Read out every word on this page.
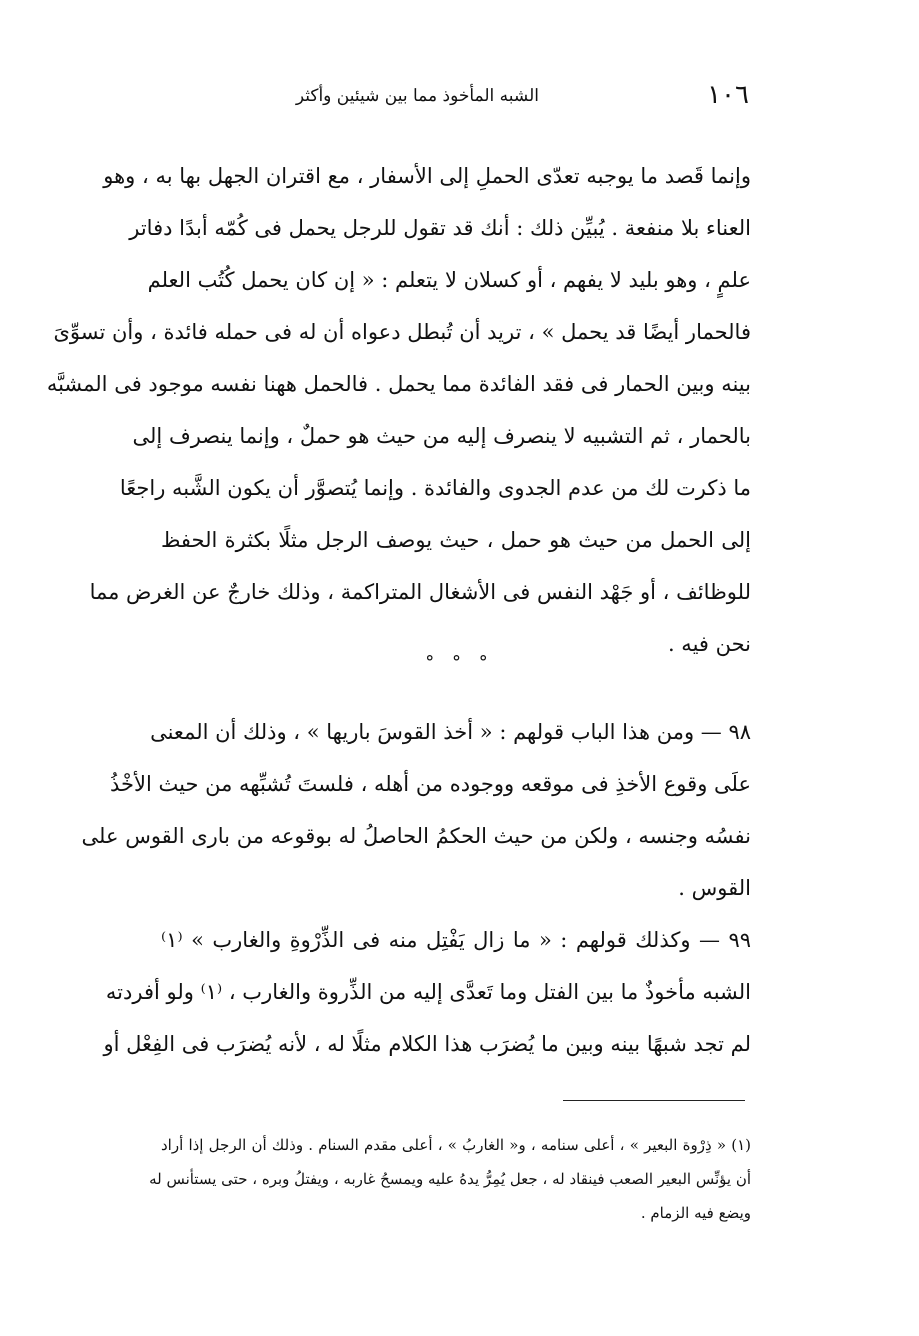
١٠٦
الشبه المأخوذ مما بين شيئين وأكثر
وإنما قَصد ما يوجبه تعدّى الحملِ إلى الأسفار ، مع اقتران الجهل بها به ، وهو
العناء بلا منفعة . يُبيِّن ذلك : أنك قد تقول للرجل يحمل فى كُمّه أبدًا دفاتر
علمٍ ، وهو بليد لا يفهم ، أو كسلان لا يتعلم : « إن كان يحمل كُتُب العلم
فالحمار أيضًا قد يحمل » ، تريد أن تُبطل دعواه أن له فى حمله فائدة ، وأن تسوِّىَ
بينه وبين الحمار فى فقد الفائدة مما يحمل . فالحمل ههنا نفسه موجود فى المشبَّه
بالحمار ، ثم التشبيه لا ينصرف إليه من حيث هو حملٌ ، وإنما ينصرف إلى
ما ذكرت لك من عدم الجدوى والفائدة . وإنما يُتصوَّر أن يكون الشَّبه راجعًا
إلى الحمل من حيث هو حمل ، حيث يوصف الرجل مثلًا بكثرة الحفظ
للوظائف ، أو جَهْد النفس فى الأشغال المتراكمة ، وذلك خارجٌ عن الغرض مما
نحن فيه .
° ° °
٩٨ — ومن هذا الباب قولهم : « أخذ القوسَ باريها » ، وذلك أن المعنى
علَى وقوع الأخذِ فى موقعه ووجوده من أهله ، فلستَ تُشبِّهه من حيث الأخْذُ
نفسُه وجنسه ، ولكن من حيث الحكمُ الحاصلُ له بوقوعه من بارى القوس على
القوس .
٩٩ — وكذلك قولهم : « ما زال يَفْتِل منه فى الذِّرْوةِ والغارب » ⁽١⁾
الشبه مأخوذٌ ما بين الفتل وما تَعدَّى إليه من الذِّروة والغارب ، ⁽١⁾ ولو أفردته
لم تجد شبهًا بينه وبين ما يُضرَب هذا الكلام مثلًا له ، لأنه يُضرَب فى الفِعْل أو
(١) « ذِرْوة البعير » ، أعلى سنامه ، و« الغاربُ » ، أعلى مقدم السنام . وذلك أن الرجل إذا أراد
أن يؤنِّس البعير الصعب فينقاد له ، جعل يُمِرُّ يدهُ عليه ويمسحُ غاربه ، ويفتلُ وبره ، حتى يستأنس له
ويضع فيه الزمام .
